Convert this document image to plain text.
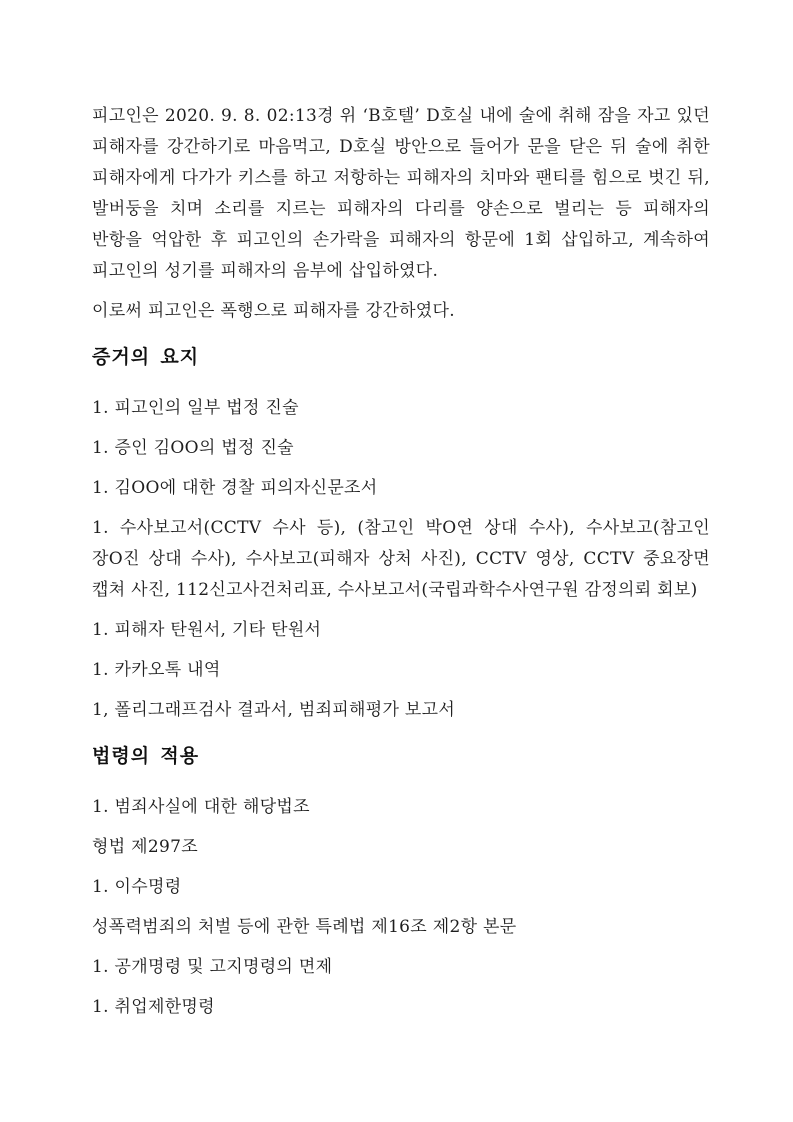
피고인은 2020. 9. 8. 02:13경 위 ‘B호텔’ D호실 내에 술에 취해 잠을 자고 있던 피해자를 강간하기로 마음먹고, D호실 방안으로 들어가 문을 닫은 뒤 술에 취한 피해자에게 다가가 키스를 하고 저항하는 피해자의 치마와 팬티를 힘으로 벗긴 뒤, 발버둥을 치며 소리를 지르는 피해자의 다리를 양손으로 벌리는 등 피해자의 반항을 억압한 후 피고인의 손가락을 피해자의 항문에 1회 삽입하고, 계속하여 피고인의 성기를 피해자의 음부에 삽입하였다.

이로써 피고인은 폭행으로 피해자를 강간하였다.

증거의 요지

1. 피고인의 일부 법정 진술

1. 증인 김OO의 법정 진술

1. 김OO에 대한 경찰 피의자신문조서

1. 수사보고서(CCTV 수사 등), (참고인 박O연 상대 수사), 수사보고(참고인 장O진 상대 수사), 수사보고(피해자 상처 사진), CCTV 영상, CCTV 중요장면 캡쳐 사진, 112신고사건처리표, 수사보고서(국립과학수사연구원 감정의뢰 회보)

1. 피해자 탄원서, 기타 탄원서

1. 카카오톡 내역

1, 폴리그래프검사 결과서, 범죄피해평가 보고서

법령의 적용

1. 범죄사실에 대한 해당법조

형법 제297조

1. 이수명령

성폭력범죄의 처벌 등에 관한 특례법 제16조 제2항 본문

1. 공개명령 및 고지명령의 면제

1. 취업제한명령
